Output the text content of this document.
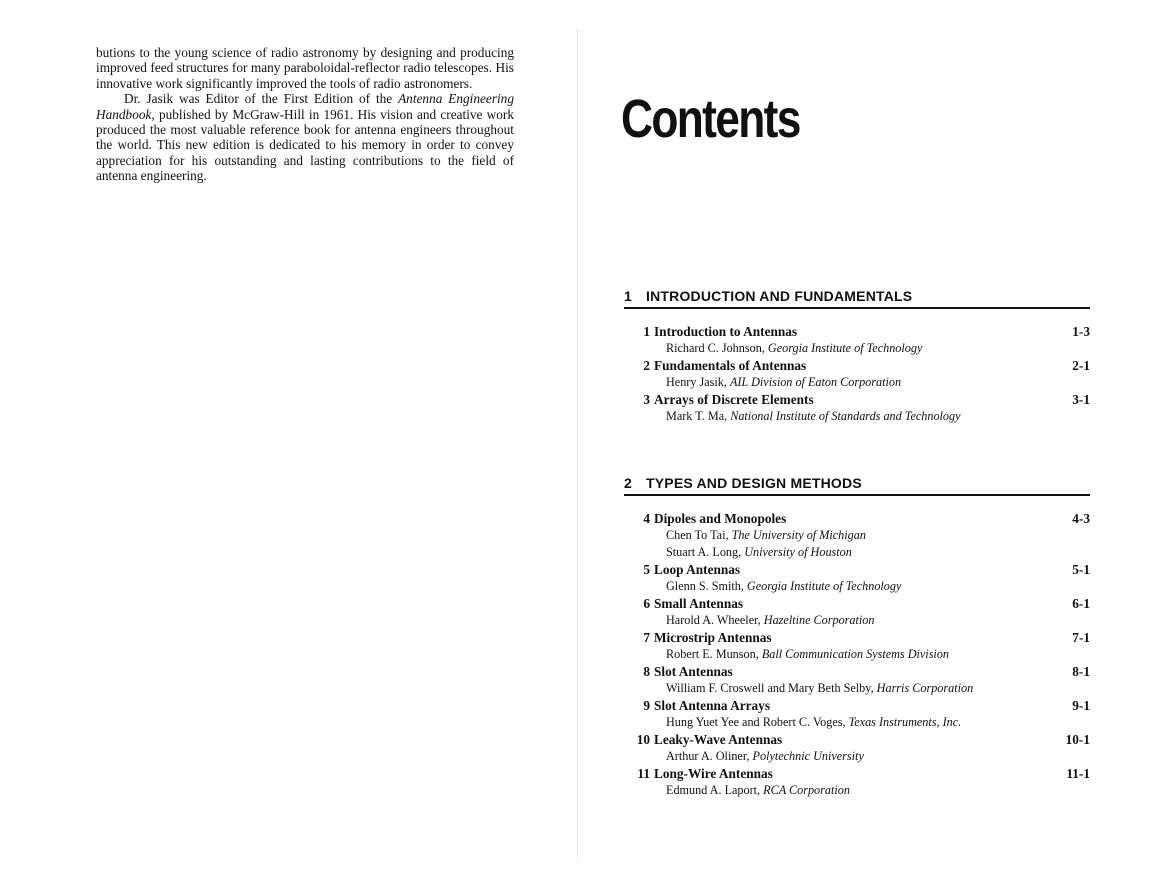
butions to the young science of radio astronomy by designing and producing improved feed structures for many paraboloidal-reflector radio telescopes. His innovative work significantly improved the tools of radio astronomers.

Dr. Jasik was Editor of the First Edition of the Antenna Engineering Handbook, published by McGraw-Hill in 1961. His vision and creative work produced the most valuable reference book for antenna engineers throughout the world. This new edition is dedicated to his memory in order to convey appreciation for his outstanding and lasting contributions to the field of antenna engineering.

Contents
1	INTRODUCTION AND FUNDAMENTALS
1 Introduction to Antennas
Richard C. Johnson, Georgia Institute of Technology
1-3
2 Fundamentals of Antennas
Henry Jasik, AIL Division of Eaton Corporation
2-1
3 Arrays of Discrete Elements
Mark T. Ma, National Institute of Standards and Technology
3-1
2	TYPES AND DESIGN METHODS
4 Dipoles and Monopoles
Chen To Tai, The University of Michigan
Stuart A. Long, University of Houston
4-3
5 Loop Antennas
Glenn S. Smith, Georgia Institute of Technology
5-1
6 Small Antennas
Harold A. Wheeler, Hazeltine Corporation
6-1
7 Microstrip Antennas
Robert E. Munson, Ball Communication Systems Division
7-1
8 Slot Antennas
William F. Croswell and Mary Beth Selby, Harris Corporation
8-1
9 Slot Antenna Arrays
Hung Yuet Yee and Robert C. Voges, Texas Instruments, Inc.
9-1
10 Leaky-Wave Antennas
Arthur A. Oliner, Polytechnic University
10-1
11 Long-Wire Antennas
Edmund A. Laport, RCA Corporation
11-1
